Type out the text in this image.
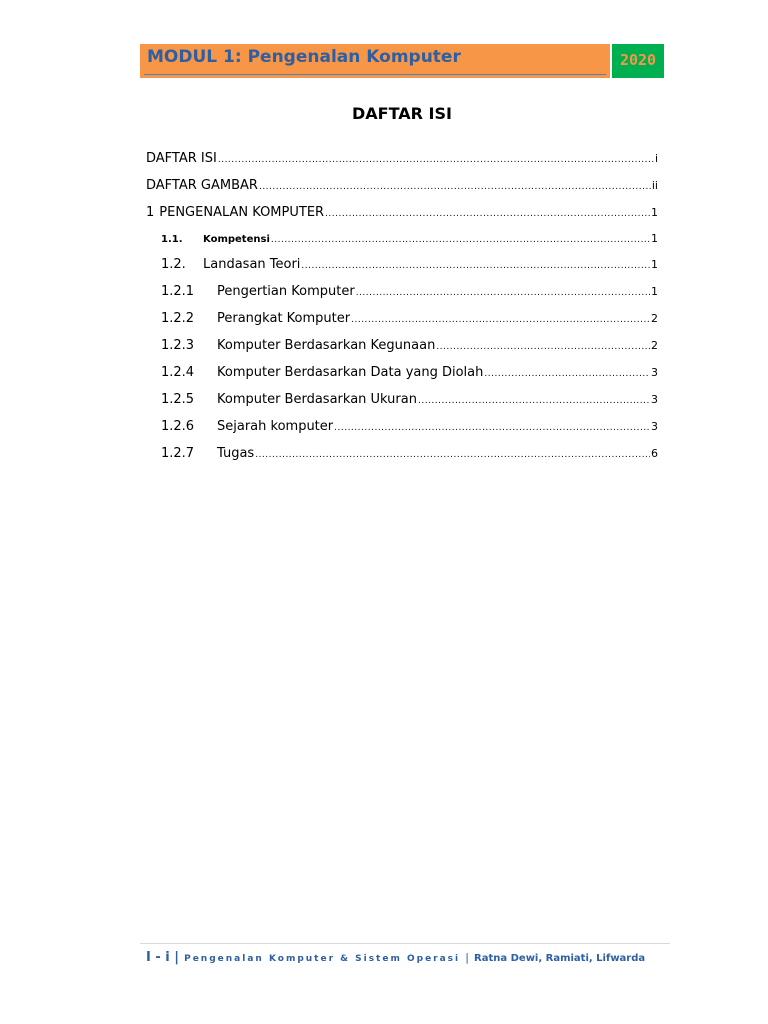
MODUL 1: Pengenalan Komputer	2020
DAFTAR ISI
DAFTAR ISI .....	i
DAFTAR GAMBAR .....	ii
1 PENGENALAN KOMPUTER .....	1
1.1.	Kompetensi .....	1
1.2.	Landasan Teori .....	1
1.2.1	Pengertian Komputer .....	1
1.2.2	Perangkat Komputer .....	2
1.2.3	Komputer Berdasarkan Kegunaan .....	2
1.2.4	Komputer Berdasarkan Data yang Diolah .....	3
1.2.5	Komputer Berdasarkan Ukuran .....	3
1.2.6	Sejarah komputer .....	3
1.2.7	Tugas .....	6
I - i | Pengenalan Komputer & Sistem Operasi | Ratna Dewi, Ramiati, Lifwarda
